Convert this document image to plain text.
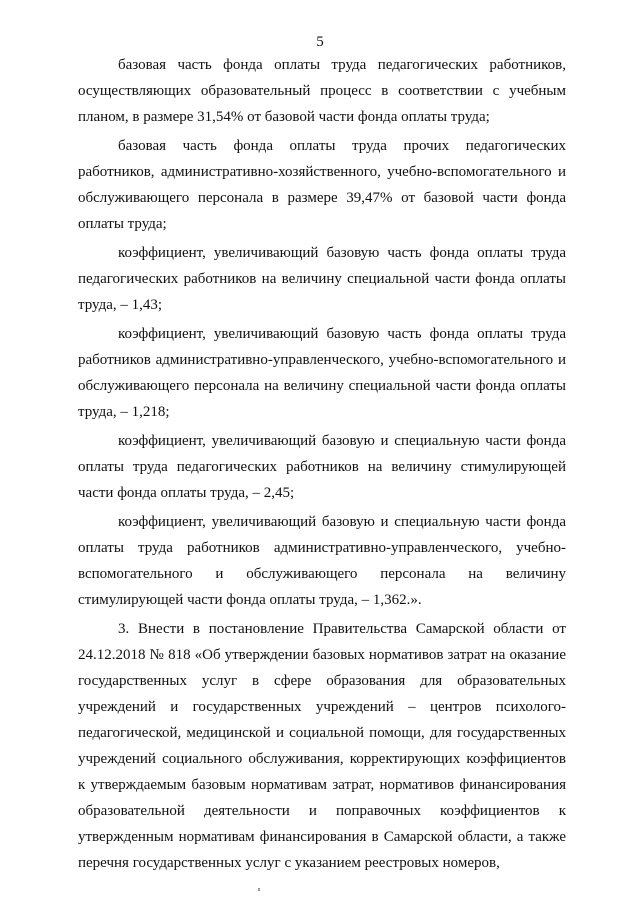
5

базовая часть фонда оплаты труда педагогических работников, осуществляющих образовательный процесс в соответствии с учебным планом, в размере 31,54% от базовой части фонда оплаты труда;

базовая часть фонда оплаты труда прочих педагогических работников, административно-хозяйственного, учебно-вспомогательного и обслуживающего персонала в размере 39,47% от базовой части фонда оплаты труда;

коэффициент, увеличивающий базовую часть фонда оплаты труда педагогических работников на величину специальной части фонда оплаты труда, – 1,43;

коэффициент, увеличивающий базовую часть фонда оплаты труда работников административно-управленческого, учебно-вспомогательного и обслуживающего персонала на величину специальной части фонда оплаты труда, – 1,218;

коэффициент, увеличивающий базовую и специальную части фонда оплаты труда педагогических работников на величину стимулирующей части фонда оплаты труда, – 2,45;

коэффициент, увеличивающий базовую и специальную части фонда оплаты труда работников административно-управленческого, учебно-вспомогательного и обслуживающего персонала на величину стимулирующей части фонда оплаты труда, – 1,362.».

3. Внести в постановление Правительства Самарской области от 24.12.2018 № 818 «Об утверждении базовых нормативов затрат на оказание государственных услуг в сфере образования для образовательных учреждений и государственных учреждений – центров психолого-педагогической, медицинской и социальной помощи, для государственных учреждений социального обслуживания, корректирующих коэффициентов к утверждаемым базовым нормативам затрат, нормативов финансирования образовательной деятельности и поправочных коэффициентов к утвержденным нормативам финансирования в Самарской области, а также перечня государственных услуг с указанием реестровых номеров,
